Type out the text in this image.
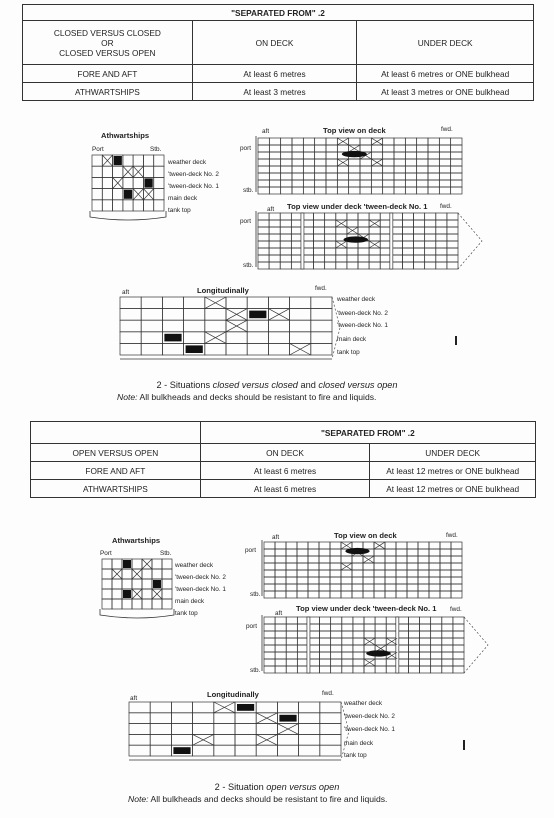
"SEPARATED FROM" .2		

CLOSED VERSUS CLOSED
OR
CLOSED VERSUS OPEN	ON DECK	UNDER DECK
FORE AND AFT	At least 6 metres	At least 6 metres or ONE bulkhead
ATHWARTSHIPS	At least 3 metres	At least 3 metres or ONE bulkhead
Athwartships
Port	Stb.
weather deck
'tween-deck No. 2
'tween-deck No. 1
main deck
tank top
aft	Top view on deck	fwd.
port
stb.
aft Top view under deck 'tween-deck No. 1 fwd.
port
stb.
aft	Longitudinally	fwd.
weather deck
'tween-deck No. 2
'tween-deck No. 1
main deck
tank top
2 - Situations closed versus closed and closed versus open
Note: All bulkheads and decks should be resistant to fire and liquids.
	"SEPARATED FROM" .2	
OPEN VERSUS OPEN	ON DECK	UNDER DECK
FORE AND AFT	At least 6 metres	At least 12 metres or ONE bulkhead
ATHWARTSHIPS	At least 6 metres	At least 12 metres or ONE bulkhead
Athwartships
Port	Stb.
weather deck
'tween-deck No. 2
'tween-deck No. 1
main deck
tank top
aft	Top view on deck	fwd.
port
stb.
aft
Top view under deck 'tween-deck No. 1 fwd.
port
stb.
aft	Longitudinally	fwd.
weather deck
'tween-deck No. 2
'tween-deck No. 1
main deck
tank top
2 - Situation open versus open
Note: All bulkheads and decks should be resistant to fire and liquids.
